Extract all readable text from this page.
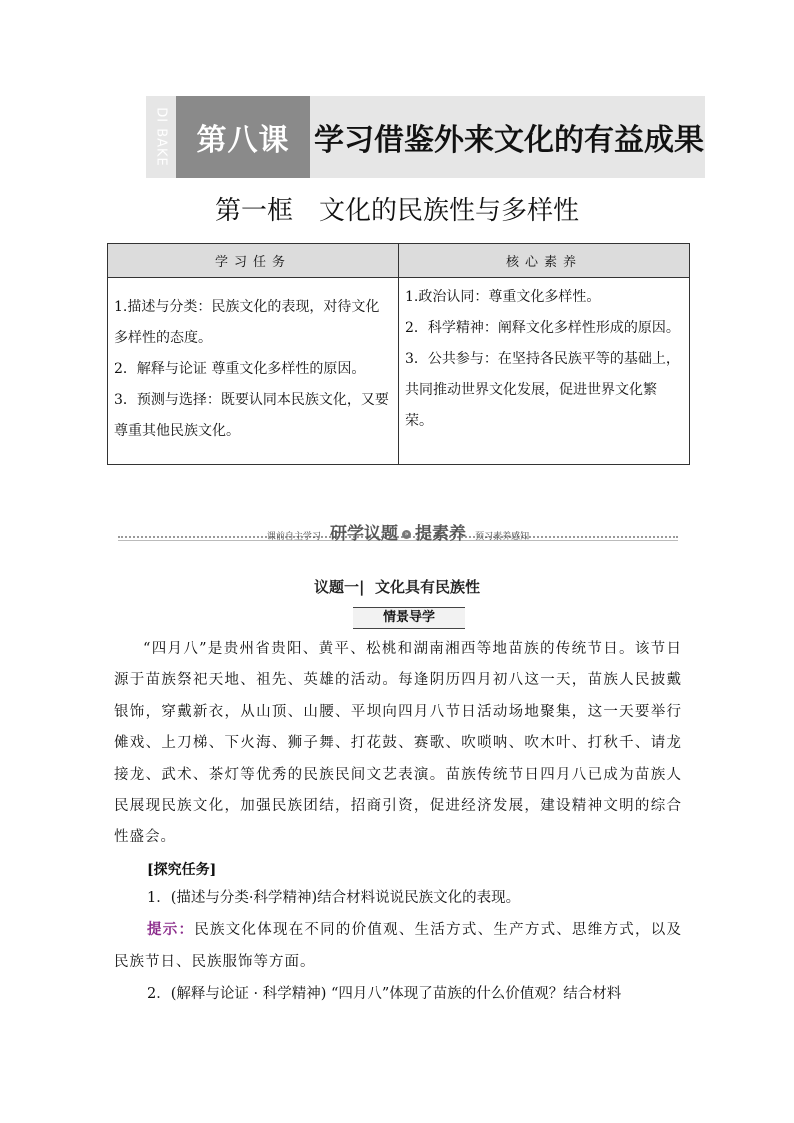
DI BAKE 第八课 学习借鉴外来文化的有益成果
第一框　文化的民族性与多样性
学习任务	核心素养

1.描述与分类：民族文化的表现，对待文化多样性的态度。

2．解释与论证 尊重文化多样性的原因。

3．预测与选择：既要认同本民族文化，又要尊重其他民族文化。

1.政治认同：尊重文化多样性。

2．科学精神：阐释文化多样性形成的原因。

3．公共参与：在坚持各民族平等的基础上，共同推动世界文化发展，促进世界文化繁荣。

课前自主学习 研学议题 » 提素养 预习素养感知
议题一|  文化具有民族性
情景导学

“四月八”是贵州省贵阳、黄平、松桃和湖南湘西等地苗族的传统节日。该节日源于苗族祭祀天地、祖先、英雄的活动。每逢阴历四月初八这一天，苗族人民披戴银饰，穿戴新衣，从山顶、山腰、平坝向四月八节日活动场地聚集，这一天要举行傩戏、上刀梯、下火海、狮子舞、打花鼓、赛歌、吹唢呐、吹木叶、打秋千、请龙接龙、武术、茶灯等优秀的民族民间文艺表演。苗族传统节日四月八已成为苗族人民展现民族文化，加强民族团结，招商引资，促进经济发展，建设精神文明的综合性盛会。

[探究任务]
1．(描述与分类·科学精神)结合材料说说民族文化的表现。

提示：民族文化体现在不同的价值观、生活方式、生产方式、思维方式，以及民族节日、民族服饰等方面。

2．(解释与论证 · 科学精神) “四月八”体现了苗族的什么价值观？结合材料
